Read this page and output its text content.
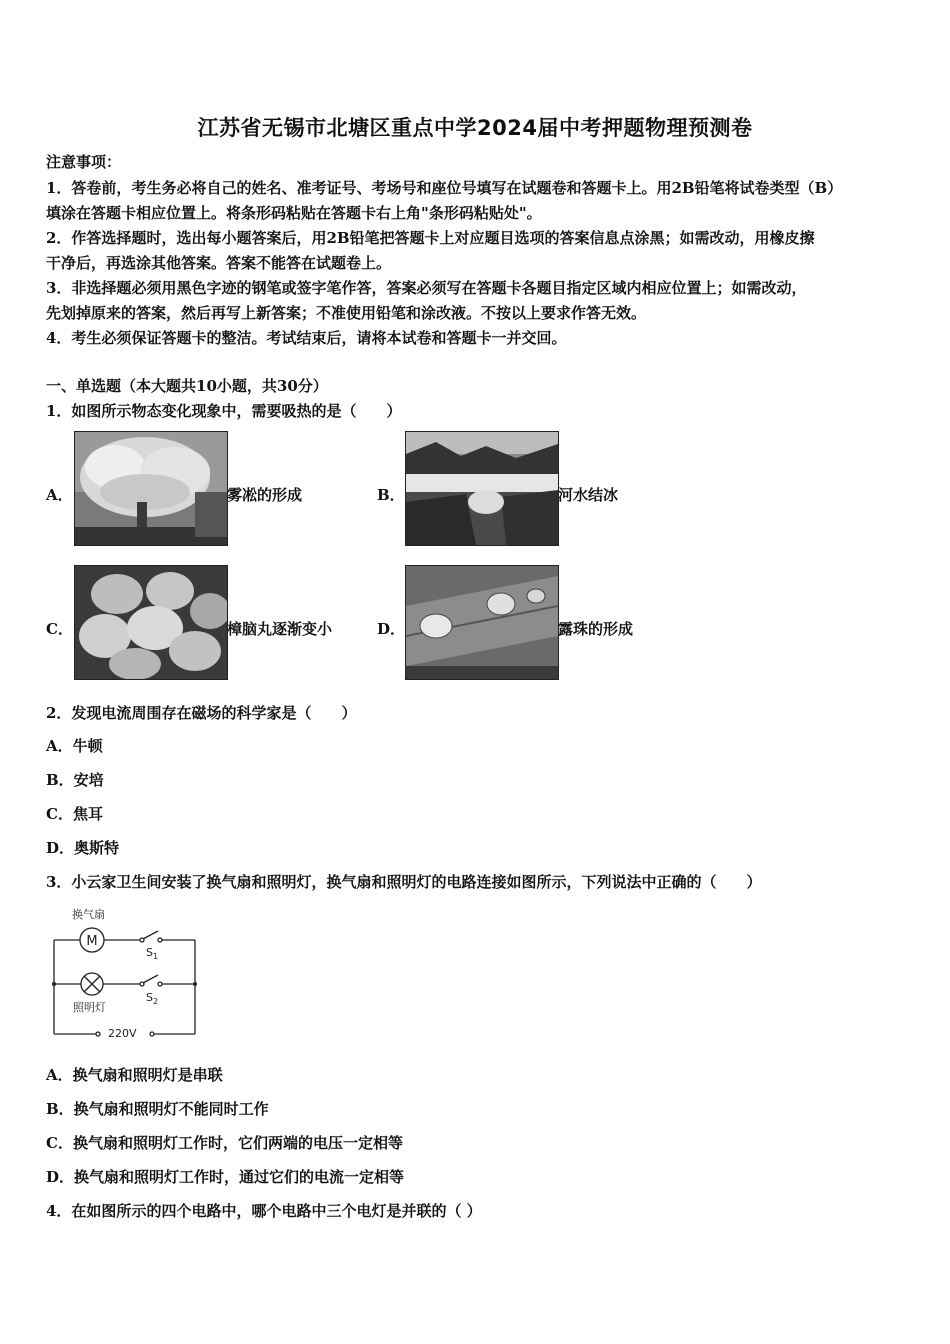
江苏省无锡市北塘区重点中学2024届中考押题物理预测卷
注意事项：
1．答卷前，考生务必将自己的姓名、准考证号、考场号和座位号填写在试题卷和答题卡上。用2B铅笔将试卷类型（B）
填涂在答题卡相应位置上。将条形码粘贴在答题卡右上角"条形码粘贴处"。
2．作答选择题时，选出每小题答案后，用2B铅笔把答题卡上对应题目选项的答案信息点涂黑；如需改动，用橡皮擦
干净后，再选涂其他答案。答案不能答在试题卷上。
3．非选择题必须用黑色字迹的钢笔或签字笔作答，答案必须写在答题卡各题目指定区域内相应位置上；如需改动，
先划掉原来的答案，然后再写上新答案；不准使用铅笔和涂改液。不按以上要求作答无效。
4．考生必须保证答题卡的整洁。考试结束后，请将本试卷和答题卡一并交回。
一、单选题（本大题共10小题，共30分）
1．如图所示物态变化现象中，需要吸热的是（　　）
A．	雾凇的形成	B．	河水结冰
C．	樟脑丸逐渐变小	D．	露珠的形成
2．发现电流周围存在磁场的科学家是（　　）
A．牛顿
B．安培
C．焦耳
D．奥斯特
3．小云家卫生间安装了换气扇和照明灯，换气扇和照明灯的电路连接如图所示，下列说法中正确的（　　）
换气扇
M
$S_1$
$S_2$
照明灯
220V
A．换气扇和照明灯是串联
B．换气扇和照明灯不能同时工作
C．换气扇和照明灯工作时，它们两端的电压一定相等
D．换气扇和照明灯工作时，通过它们的电流一定相等
4．在如图所示的四个电路中，哪个电路中三个电灯是并联的（ ）
